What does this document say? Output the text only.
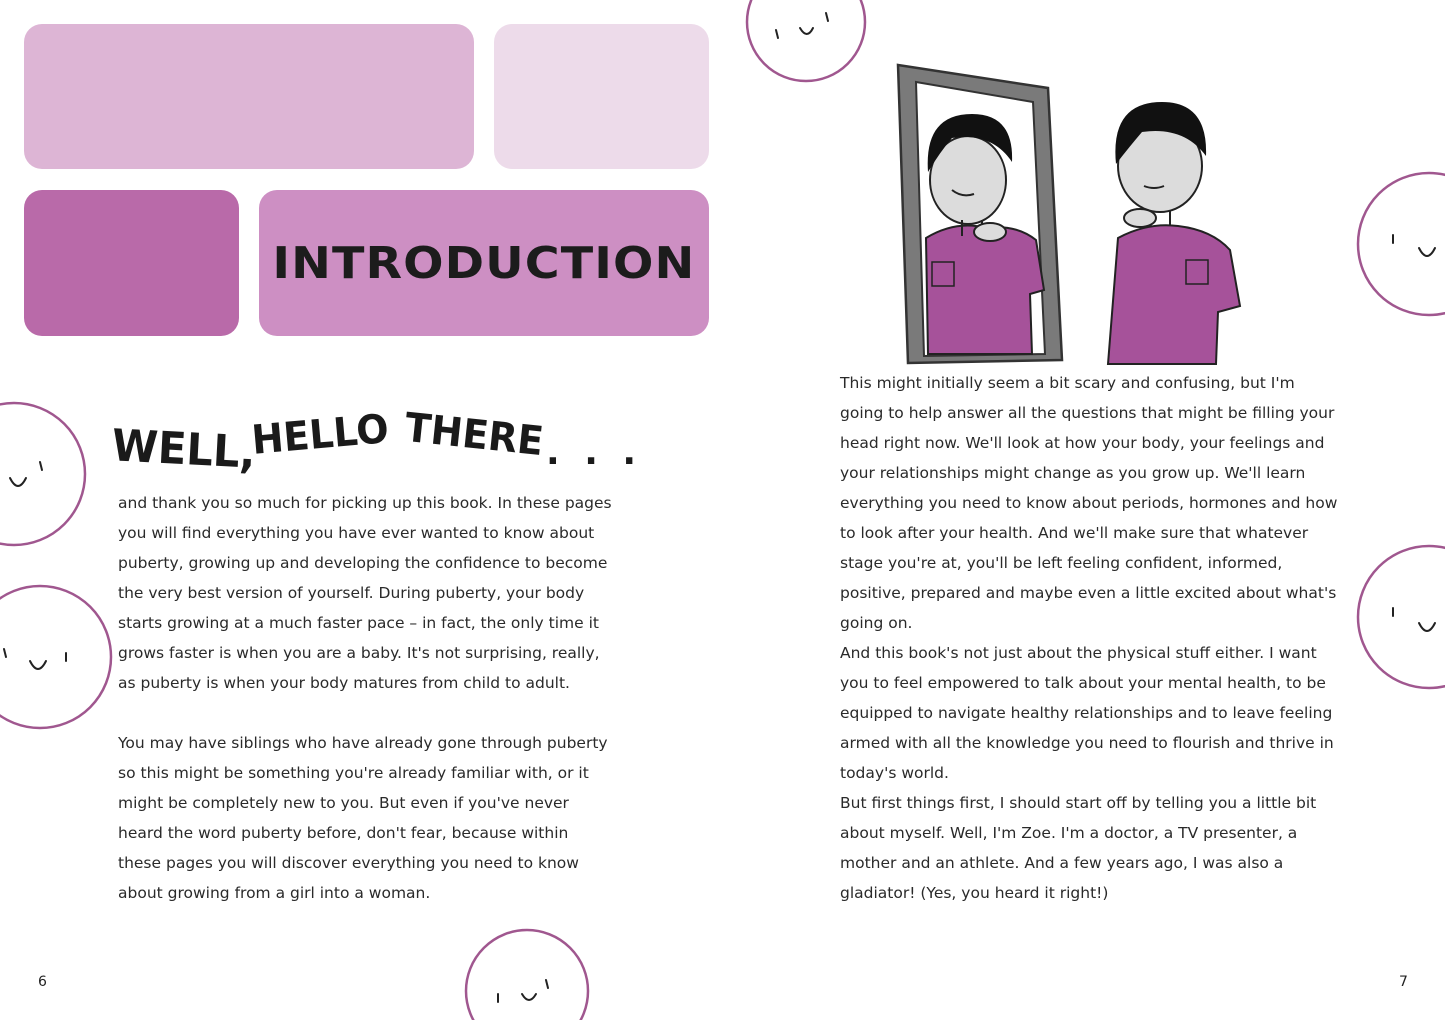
INTRODUCTION
WELL,
HELLO THERE . . .

and thank you so much for picking up this book. In these pages you will find everything you have ever wanted to know about puberty, growing up and developing the confidence to become the very best version of yourself. During puberty, your body starts growing at a much faster pace – in fact, the only time it grows faster is when you are a baby. It's not surprising, really, as puberty is when your body matures from child to adult.

You may have siblings who have already gone through puberty so this might be something you're already familiar with, or it might be completely new to you. But even if you've never heard the word puberty before, don't fear, because within these pages you will discover everything you need to know about growing from a girl into a woman.

This might initially seem a bit scary and confusing, but I'm going to help answer all the questions that might be filling your head right now. We'll look at how your body, your feelings and your relationships might change as you grow up. We'll learn everything you need to know about periods, hormones and how to look after your health. And we'll make sure that whatever stage you're at, you'll be left feeling confident, informed, positive, prepared and maybe even a little excited about what's going on.

And this book's not just about the physical stuff either. I want you to feel empowered to talk about your mental health, to be equipped to navigate healthy relationships and to leave feeling armed with all the knowledge you need to flourish and thrive in today's world.

But first things first, I should start off by telling you a little bit about myself. Well, I'm Zoe. I'm a doctor, a TV presenter, a mother and an athlete. And a few years ago, I was also a gladiator! (Yes, you heard it right!)

6	7
